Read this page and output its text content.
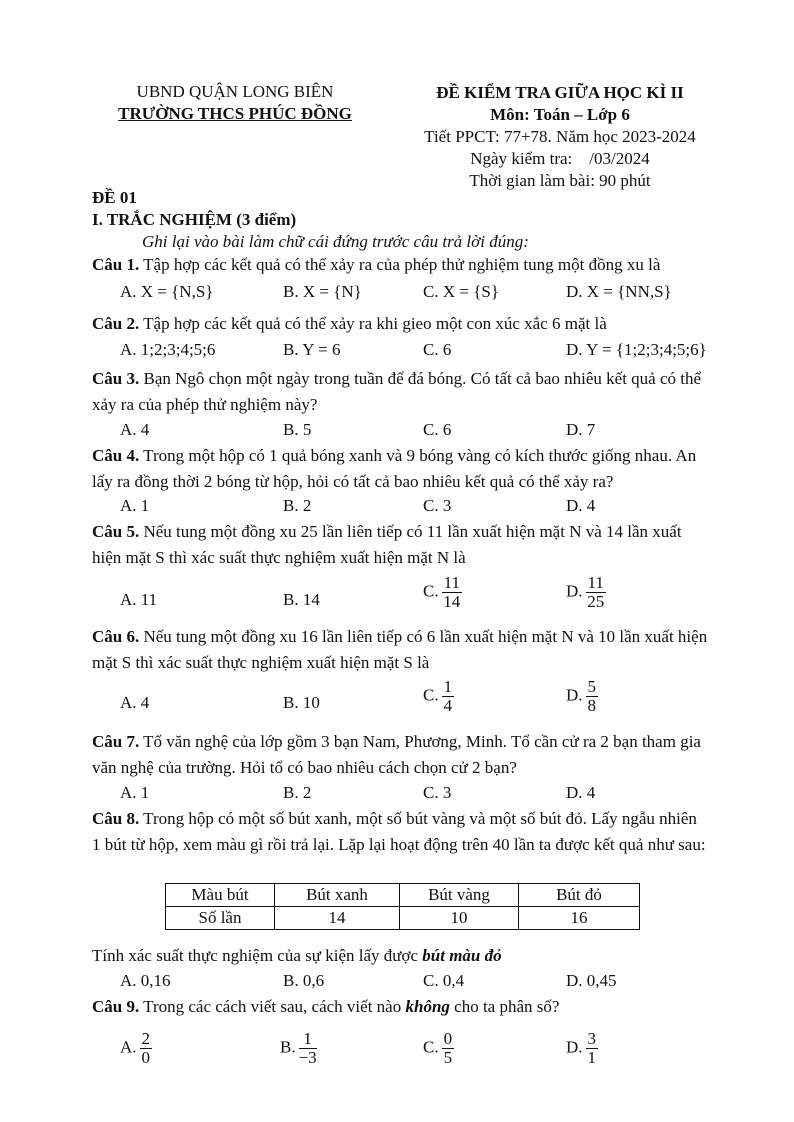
UBND QUẬN LONG BIÊN
TRƯỜNG THCS PHÚC ĐỒNG
ĐỀ KIỂM TRA GIỮA HỌC KÌ II
Môn: Toán – Lớp 6
Tiết PPCT: 77+78. Năm học 2023-2024
Ngày kiểm tra:    /03/2024
Thời gian làm bài: 90 phút
ĐỀ 01
I. TRẮC NGHIỆM (3 điểm)
Ghi lại vào bài làm chữ cái đứng trước câu trả lời đúng:
Câu 1. Tập hợp các kết quả có thể xảy ra của phép thử nghiệm tung một đồng xu là
A. X = {N,S}	B. X = {N}	C. X = {S}	D. X = {NN,S}
Câu 2. Tập hợp các kết quả có thể xảy ra khi gieo một con xúc xắc 6 mặt là
A. 1;2;3;4;5;6	B. Y = 6	C. 6	D. Y = {1;2;3;4;5;6}
Câu 3. Bạn Ngô chọn một ngày trong tuần để đá bóng. Có tất cả bao nhiêu kết quả có thể xảy ra của phép thử nghiệm này?
A. 4	B. 5	C. 6	D. 7
Câu 4. Trong một hộp có 1 quả bóng xanh và 9 bóng vàng có kích thước giống nhau. An lấy ra đồng thời 2 bóng từ hộp, hỏi có tất cả bao nhiêu kết quả có thể xảy ra?
A. 1	B. 2	C. 3	D. 4
Câu 5. Nếu tung một đồng xu 25 lần liên tiếp có 11 lần xuất hiện mặt N và 14 lần xuất hiện mặt S thì xác suất thực nghiệm xuất hiện mặt N là
A. 11	B. 14	C. $\frac{11}{14}$	D. $\frac{11}{25}$
Câu 6. Nếu tung một đồng xu 16 lần liên tiếp có 6 lần xuất hiện mặt N và 10 lần xuất hiện mặt S thì xác suất thực nghiệm xuất hiện mặt S là
A. 4	B. 10	C. $\frac{1}{4}$	D. $\frac{5}{8}$
Câu 7. Tổ văn nghệ của lớp gồm 3 bạn Nam, Phương, Minh. Tổ cần cử ra 2 bạn tham gia văn nghệ của trường. Hỏi tổ có bao nhiêu cách chọn cử 2 bạn?
A. 1	B. 2	C. 3	D. 4
Câu 8. Trong hộp có một số bút xanh, một số bút vàng và một số bút đỏ. Lấy ngẫu nhiên 1 bút từ hộp, xem màu gì rồi trả lại. Lặp lại hoạt động trên 40 lần ta được kết quả như sau:
Màu bút	Bút xanh	Bút vàng	Bút đỏ
Số lần	14	10	16
Tính xác suất thực nghiệm của sự kiện lấy được bút màu đỏ
A. 0,16	B. 0,6	C. 0,4	D. 0,45
Câu 9. Trong các cách viết sau, cách viết nào không cho ta phân số?
A. $\frac{2}{0}$	B. $\frac{1}{-3}$	C. $\frac{0}{5}$	D. $\frac{3}{1}$
